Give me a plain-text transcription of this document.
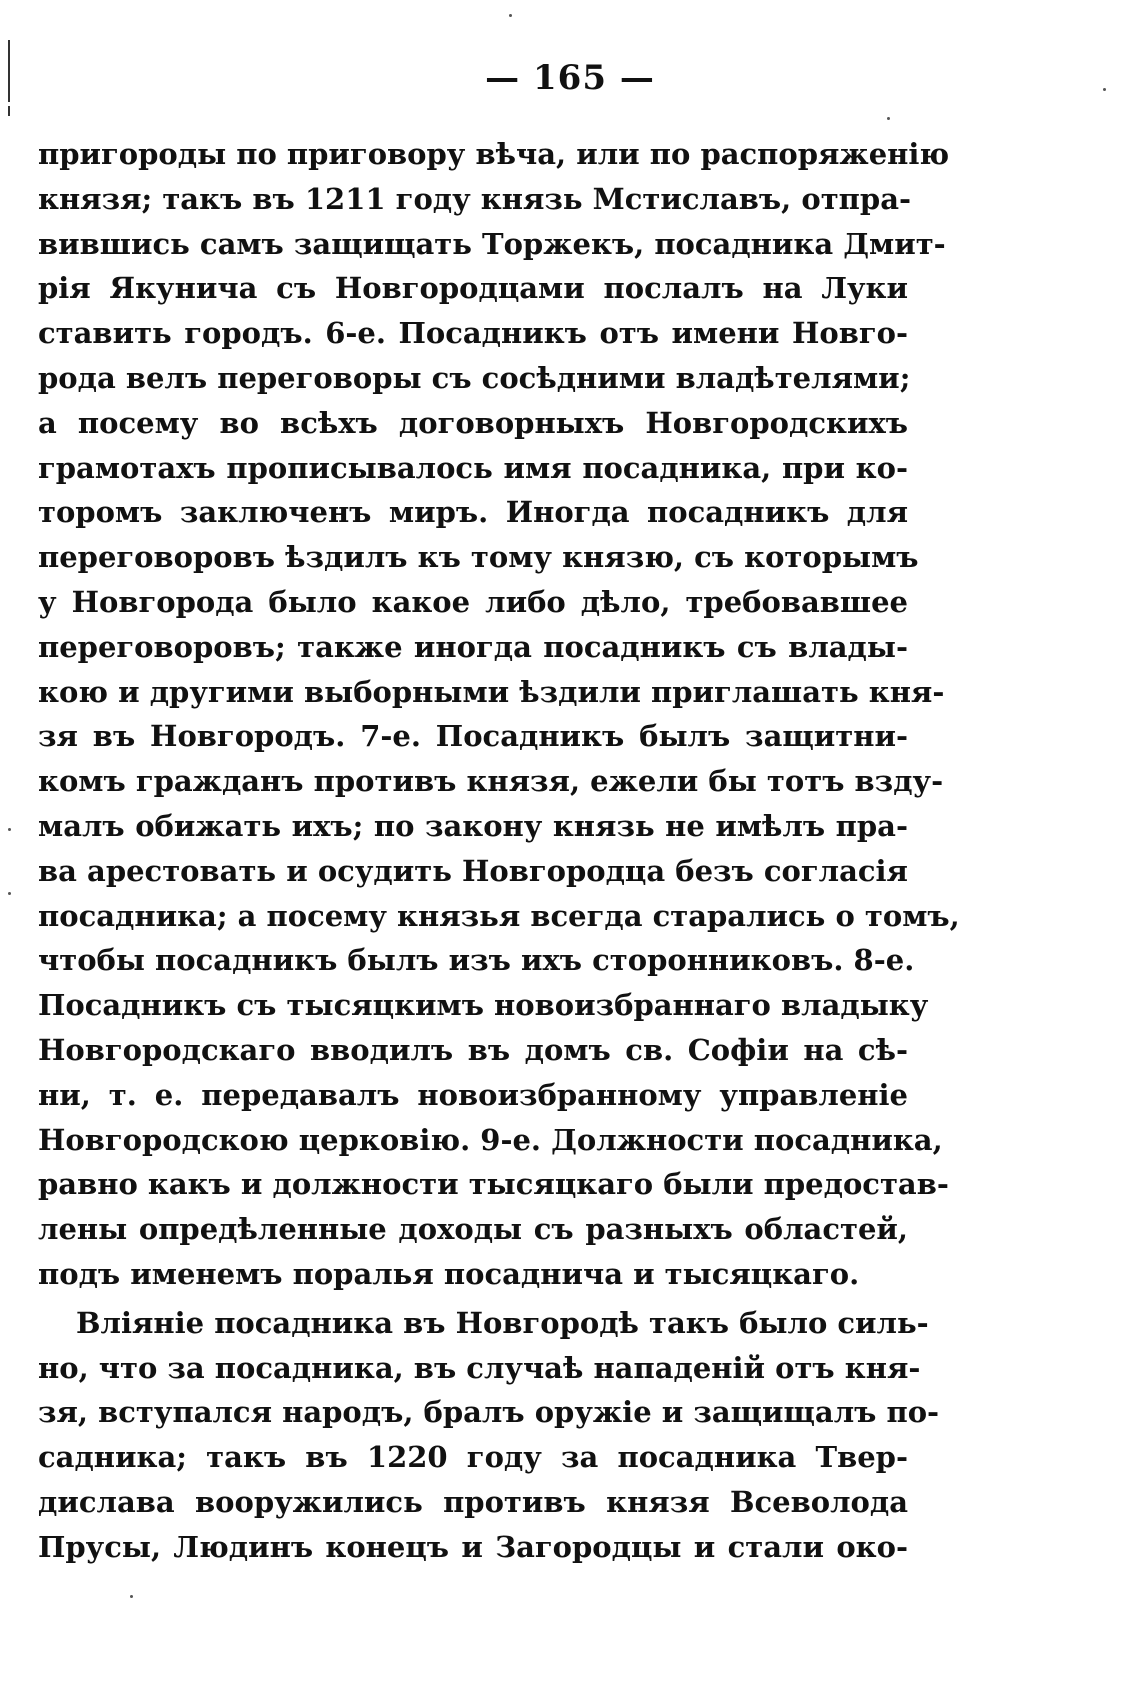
— 165 —
пригороды по приговору вѣча, или по распоряженію
князя; такъ въ 1211 году князь Мстиславъ, отпра-
вившись самъ защищать Торжекъ, посадника Дмит-
рія Якунича съ Новгородцами послалъ на Луки
ставить городъ. 6-е. Посадникъ отъ имени Новго-
рода велъ переговоры съ сосѣдними владѣтелями;
а посему во всѣхъ договорныхъ Новгородскихъ
грамотахъ прописывалось имя посадника, при ко-
торомъ заключенъ миръ. Иногда посадникъ для
переговоровъ ѣздилъ къ тому князю, съ которымъ
у Новгорода было какое либо дѣло, требовавшее
переговоровъ; также иногда посадникъ съ влады-
кою и другими выборными ѣздили приглашать кня-
зя въ Новгородъ. 7-е. Посадникъ былъ защитни-
комъ гражданъ противъ князя, ежели бы тотъ взду-
малъ обижать ихъ; по закону князь не имѣлъ пра-
ва арестовать и осудить Новгородца безъ согласія
посадника; а посему князья всегда старались о томъ,
чтобы посадникъ былъ изъ ихъ сторонниковъ. 8-е.
Посадникъ съ тысяцкимъ новоизбраннаго владыку
Новгородскаго вводилъ въ домъ св. Софіи на сѣ-
ни, т. е. передавалъ новоизбранному управленіе
Новгородскою церковію. 9-е. Должности посадника,
равно какъ и должности тысяцкаго были предостав-
лены опредѣленные доходы съ разныхъ областей,
подъ именемъ поралья посаднича и тысяцкаго.
Вліяніе посадника въ Новгородѣ такъ было силь-
но, что за посадника, въ случаѣ нападеній отъ кня-
зя, вступался народъ, бралъ оружіе и защищалъ по-
садника; такъ въ 1220 году за посадника Твер-
дислава вооружились противъ князя Всеволода
Прусы, Людинъ конецъ и Загородцы и стали око-
